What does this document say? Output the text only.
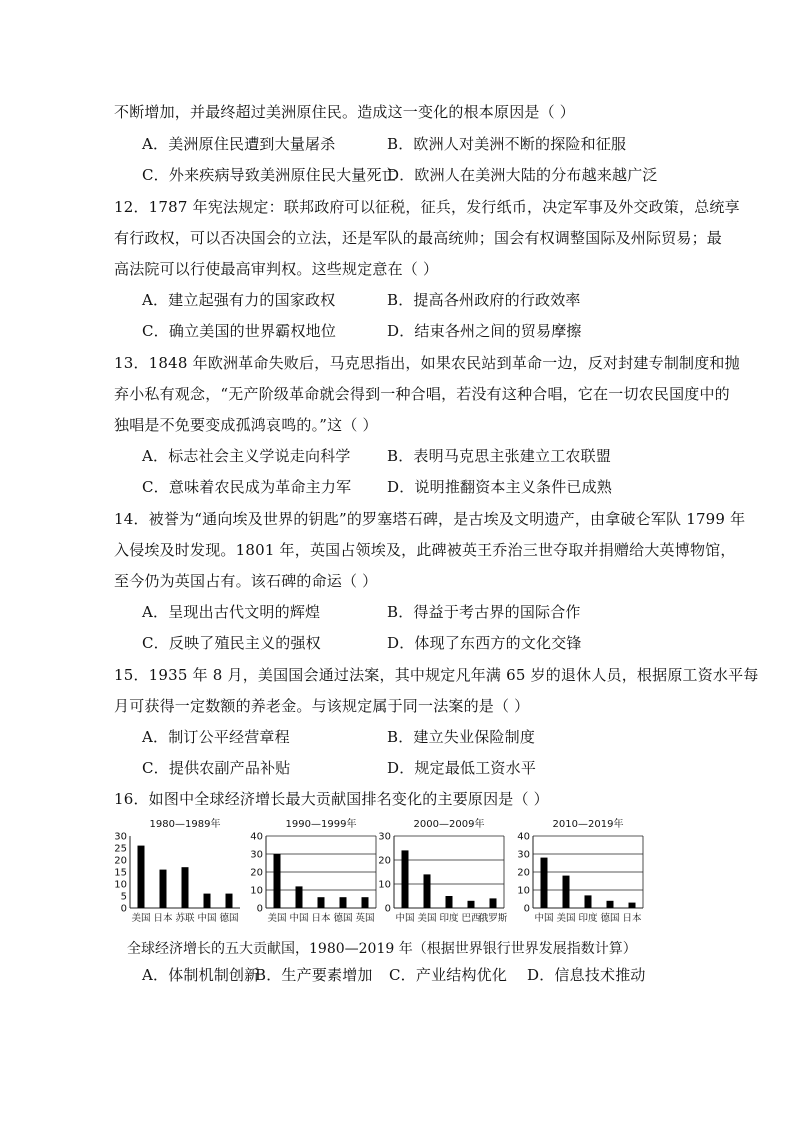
不断增加，并最终超过美洲原住民。造成这一变化的根本原因是（ ）
A．美洲原住民遭到大量屠杀	B．欧洲人对美洲不断的探险和征服
C．外来疾病导致美洲原住民大量死亡
D．欧洲人在美洲大陆的分布越来越广泛
12．1787 年宪法规定：联邦政府可以征税，征兵，发行纸币，决定军事及外交政策，总统享
有行政权，可以否决国会的立法，还是军队的最高统帅；国会有权调整国际及州际贸易；最
高法院可以行使最高审判权。这些规定意在（ ）
A．建立起强有力的国家政权	B．提高各州政府的行政效率
C．确立美国的世界霸权地位	D．结束各州之间的贸易摩擦
13．1848 年欧洲革命失败后，马克思指出，如果农民站到革命一边，反对封建专制制度和抛
弃小私有观念，“无产阶级革命就会得到一种合唱，若没有这种合唱，它在一切农民国度中的
独唱是不免要变成孤鸿哀鸣的。”这（ ）
A．标志社会主义学说走向科学 B．表明马克思主张建立工农联盟
C．意味着农民成为革命主力军 D．说明推翻资本主义条件已成熟
14．被誉为“通向埃及世界的钥匙”的罗塞塔石碑，是古埃及文明遗产，由拿破仑军队 1799 年
入侵埃及时发现。1801 年，英国占领埃及，此碑被英王乔治三世夺取并捐赠给大英博物馆，
至今仍为英国占有。该石碑的命运（ ）
A．呈现出古代文明的辉煌	B．得益于考古界的国际合作
C．反映了殖民主义的强权	D．体现了东西方的文化交锋
15．1935 年 8 月，美国国会通过法案，其中规定凡年满 65 岁的退休人员，根据原工资水平每
月可获得一定数额的养老金。与该规定属于同一法案的是（ ）
A．制订公平经营章程	B．建立失业保险制度
C．提供农副产品补贴	D．规定最低工资水平
16．如图中全球经济增长最大贡献国排名变化的主要原因是（ ）
1980—1989年
0
5
10
15
20
25
30
美国 日本 苏联 中国 德国
1990—1999年
0
10
20
30
40
美国 中国 日本 德国 英国
2000—2009年
0
10
20
30
中国 美国 印度 巴西
俄罗斯
2010—2019年
0
10
20
30
40
中国 美国 印度 德国 日本
全球经济增长的五大贡献国，1980—2019 年（根据世界银行世界发展指数计算）
A．体制机制创新
B．生产要素增加 C．产业结构优化 D．信息技术推动
